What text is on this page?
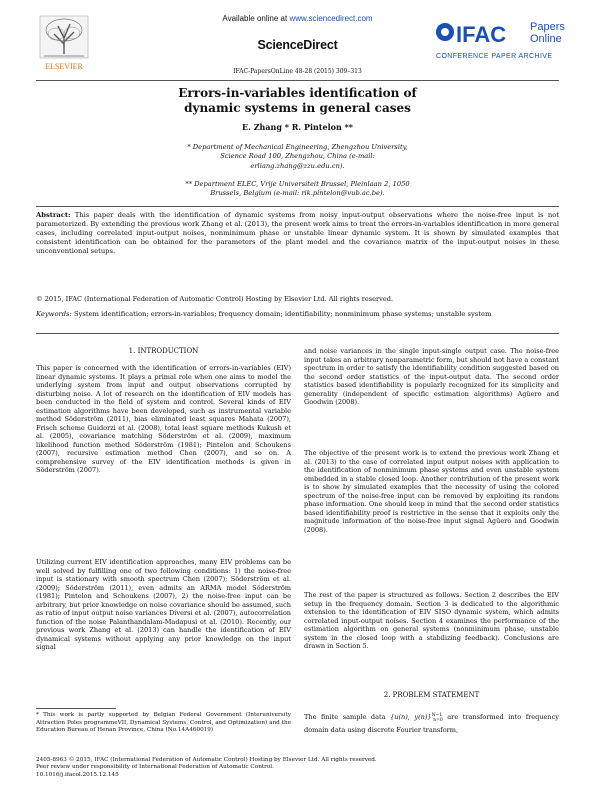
ELSEVIER
Available online at www.sciencedirect.com
ScienceDirect	IFAC Papers
Online
CONFERENCE PAPER ARCHIVE
IFAC-PapersOnLine 48-28 (2015) 309–313
Errors-in-variables identification of
dynamic systems in general cases
E. Zhang * R. Pintelon **
* Department of Mechanical Engineering, Zhengzhou University,
Science Road 100, Zhengzhou, China (e-mail:
erliang.zhang@zzu.edu.cn).
** Department ELEC, Vrije Universiteit Brussel, Pleinlaan 2, 1050
Brussels, Belgium (e-mail: rik.pintelon@vub.ac.be).
Abstract: This paper deals with the identification of dynamic systems from noisy input-output observations where the noise-free input is not parameterized. By extending the previous work Zhang et al. (2013), the present work aims to treat the errors-in-variables identification in more general cases, including correlated input-output noises, nonminimum phase or unstable linear dynamic system. It is shown by simulated examples that consistent identification can be obtained for the parameters of the plant model and the covariance matrix of the input-output noises in these unconventional setups.
© 2015, IFAC (International Federation of Automatic Control) Hosting by Elsevier Ltd. All rights reserved.
Keywords: System identification; errors-in-variables; frequency domain; identifiability; nonminimum phase systems; unstable system
1. INTRODUCTION
This paper is concerned with the identification of errors-in-variables (EIV) linear dynamic systems. It plays a primal role when one aims to model the underlying system from input and output observations corrupted by disturbing noise. A lot of research on the identification of EIV models has been conducted in the field of system and control. Several kinds of EIV estimation algorithms have been developed, such as instrumental variable method Söderström (2011), bias eliminated least squares Mahata (2007), Frisch scheme Guidorzi et al. (2008), total least square methods Kukush et al. (2005), covariance matching Söderström et al. (2009), maximum likelihood function method Söderström (1981); Pintelon and Schoukens (2007), recursive estimation method Chen (2007), and so on. A comprehensive survey of the EIV identification methods is given in Söderström (2007).
Utilizing current EIV identification approaches, many EIV problems can be well solved by fulfilling one of two following conditions: 1) the noise-free input is stationary with smooth spectrum Chen (2007); Söderström et al. (2009); Söderström (2011), even admits an ARMA model Söderström (1981); Pintelon and Schoukens (2007), 2) the noise-free input can be arbitrary, but prior knowledge on noise covariance should be assumed, such as ratio of input output noise variances Diversi et al. (2007), autocorrelation function of the noise Palanthandalam-Madapusi et al. (2010). Recently, our previous work Zhang et al. (2013) can handle the identification of EIV dynamical systems without applying any prior knowledge on the input signal
* This work is partly supported by Belgian Federal Government (Interuniversity Attraction Poles programmeVII, Dynamical Systems, Control, and Optimization) and the Education Bureau of Henan Province, China (No.14A460019)
and noise variances in the single input-single output case. The noise-free input takes an arbitrary nonparametric form, but should not have a constant spectrum in order to satisfy the identifiability condition suggested based on the second order statistics of the input-output data. The second order statistics based identifiability is popularly recognized for its simplicity and generality (independent of specific estimation algorithms) Agüero and Goodwin (2008).
The objective of the present work is to extend the previous work Zhang et al. (2013) to the case of correlated input output noises with application to the identification of nonminimum phase systems and even unstable system embedded in a stable closed loop. Another contribution of the present work is to show by simulated examples that the necessity of using the colored spectrum of the noise-free input can be removed by exploiting its random phase information. One should keep in mind that the second order statistics based identifiability proof is restrictive in the sense that it exploits only the magnitude information of the noise-free input signal Agüero and Goodwin (2008).
The rest of the paper is structured as follows. Section 2 describes the EIV setup in the frequency domain. Section 3 is dedicated to the algorithmic extension to the identification of EIV SISO dynamic system, which admits correlated input-output noises. Section 4 examines the performance of the estimation algorithm on general systems (nonminimum phase, unstable system in the closed loop with a stabilizing feedback). Conclusions are drawn in Section 5.
2. PROBLEM STATEMENT
The finite sample data {u(n), y(n)}$^{N-1}_{n=0}$ are transformed into frequency domain data using discrete Fourier transform,
2405-8963 © 2015, IFAC (International Federation of Automatic Control) Hosting by Elsevier Ltd. All rights reserved.
Peer review under responsibility of International Federation of Automatic Control.
10.1016/j.ifacol.2015.12.145
